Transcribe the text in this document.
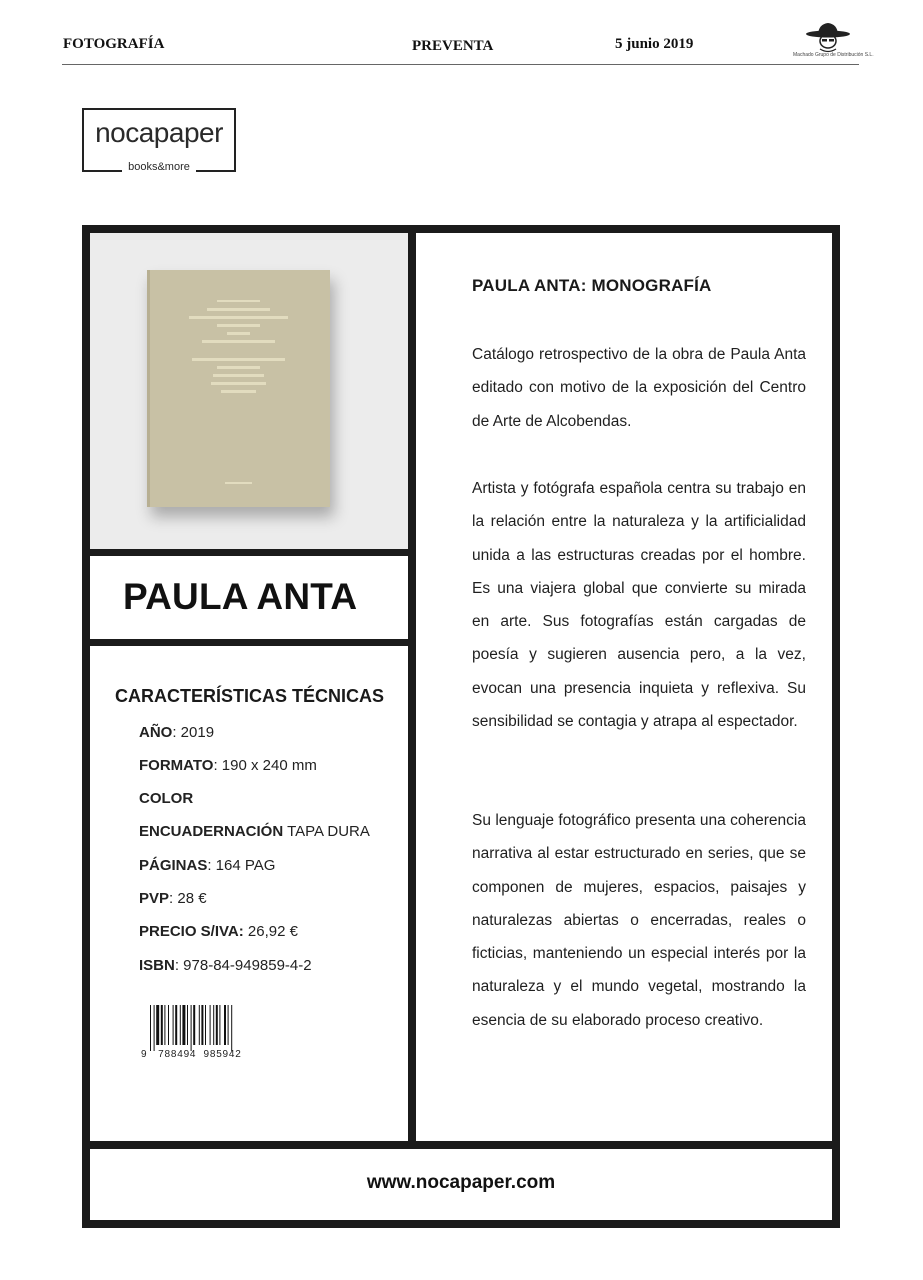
FOTOGRAFÍA	PREVENTA	5 junio 2019
Machado Grupo de Distribución S.L.
nocapaper
books&more
PAULA ANTA
CARACTERÍSTICAS TÉCNICAS
AÑO: 2019
FORMATO: 190 x 240 mm
COLOR
ENCUADERNACIÓN TAPA DURA
PÁGINAS: 164 PAG
PVP: 28 €
PRECIO S/IVA: 26,92 €
ISBN: 978-84-949859-4-2
9 788494 985942
PAULA ANTA: MONOGRAFÍA
Catálogo retrospectivo de la obra de Paula Anta editado con motivo de la exposición del Centro de Arte de Alcobendas.
Artista y fotógrafa española centra su trabajo en la relación entre la naturaleza y la artificialidad unida a las estructuras creadas por el hombre. Es una viajera global que convierte su mirada en arte. Sus fotografías están cargadas de poesía y sugieren ausencia pero, a la vez, evocan una presencia inquieta y reflexiva. Su sensibilidad se contagia y atrapa al espectador.
Su lenguaje fotográfico presenta una coherencia narrativa al estar estructurado en series, que se componen de mujeres, espacios, paisajes y naturalezas abiertas o encerradas, reales o ficticias, manteniendo un especial interés por la naturaleza y el mundo vegetal, mostrando la esencia de su elaborado proceso creativo.
www.nocapaper.com
